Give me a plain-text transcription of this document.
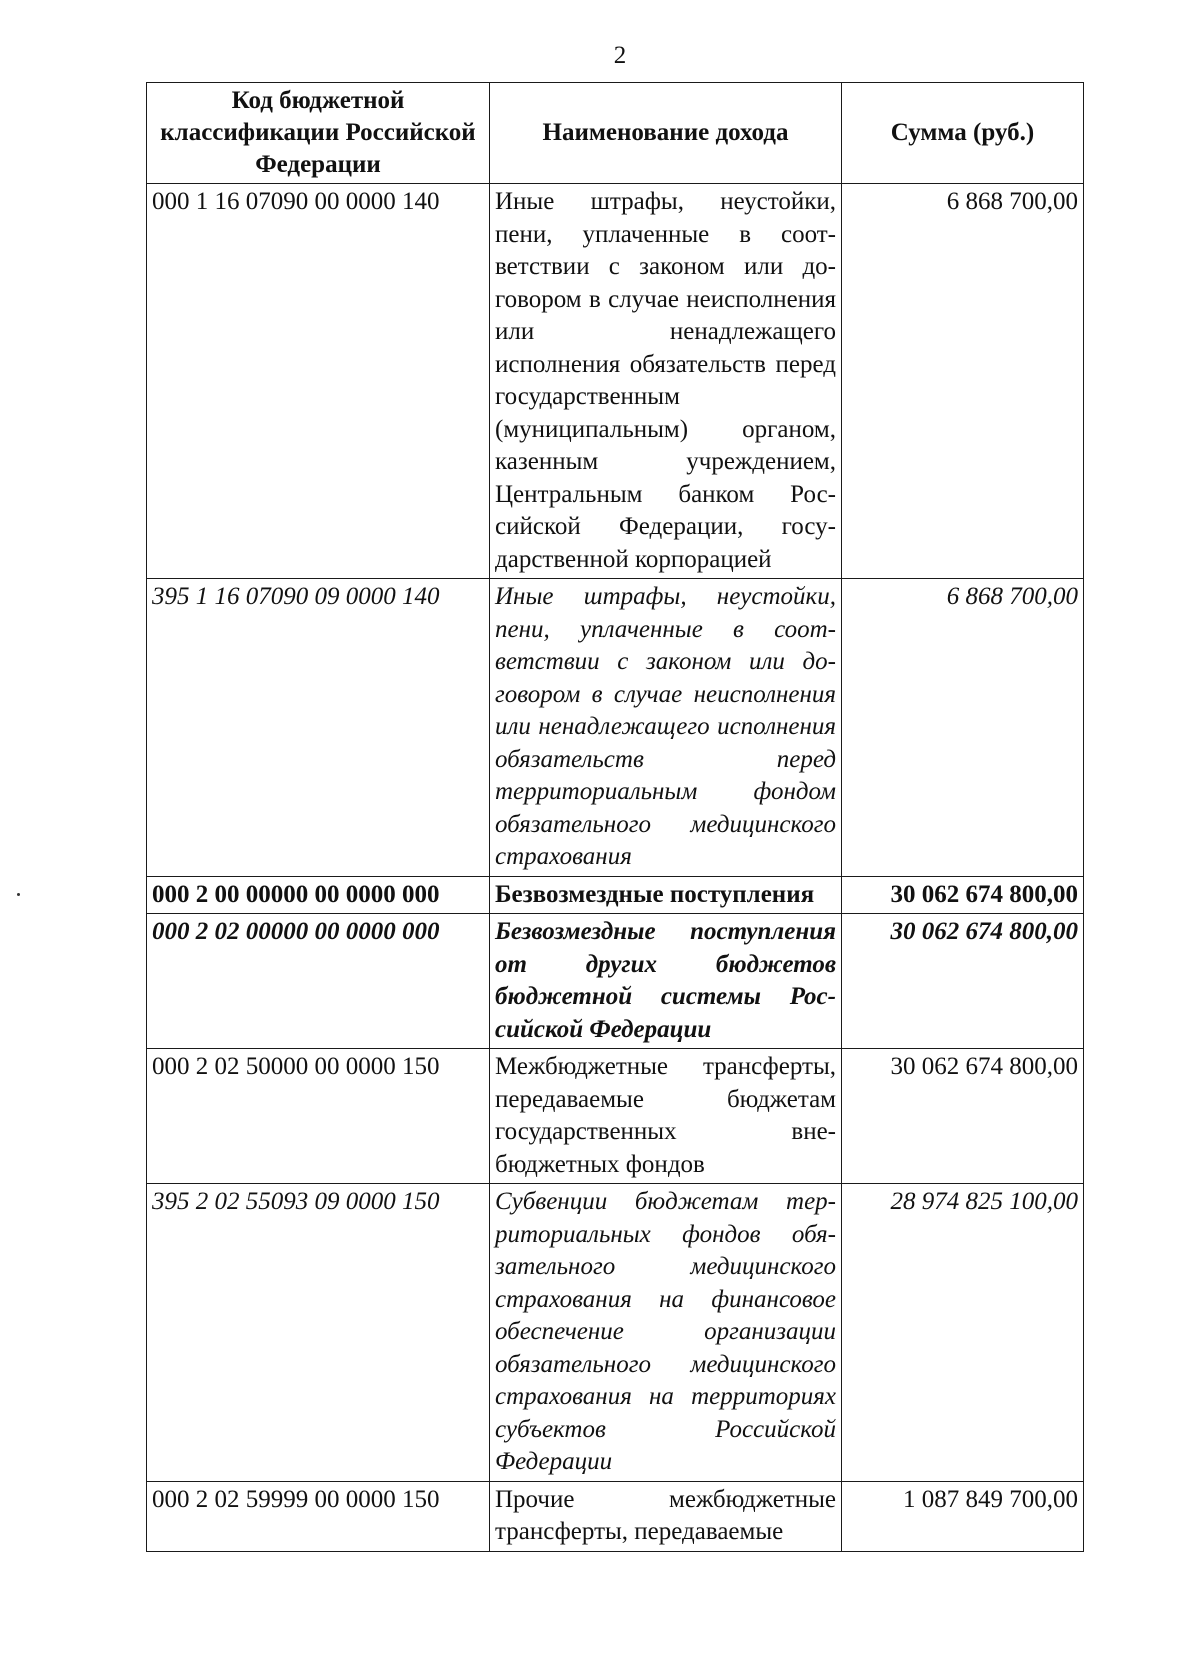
2
Код бюджетной классификации Российской Федерации	Наименование дохода	Сумма (руб.)
000 1 16 07090 00 0000 140	Иные штрафы, неустойки, пени, уплаченные в соответствии с законом или договором в случае неисполнения или ненадлежащего исполнения обязательств перед государственным (муниципальным) органом, казенным учреждением, Центральным банком Российской Федерации, государственной корпорацией	6 868 700,00
395 1 16 07090 09 0000 140	Иные штрафы, неустойки, пени, уплаченные в соответствии с законом или договором в случае неисполнения или ненадлежащего исполнения обязательств перед территориальным фондом обязательного медицинского страхования	6 868 700,00
000 2 00 00000 00 0000 000	Безвозмездные поступления	30 062 674 800,00
000 2 02 00000 00 0000 000	Безвозмездные поступления от других бюджетов бюджетной системы Российской Федерации	30 062 674 800,00
000 2 02 50000 00 0000 150	Межбюджетные трансферты, передаваемые бюджетам государственных внебюджетных фондов	30 062 674 800,00
395 2 02 55093 09 0000 150	Субвенции бюджетам территориальных фондов обязательного медицинского страхования на финансовое обеспечение организации обязательного медицинского страхования на территориях субъектов Российской Федерации	28 974 825 100,00
000 2 02 59999 00 0000 150	Прочие межбюджетные трансферты, передаваемые	1 087 849 700,00
